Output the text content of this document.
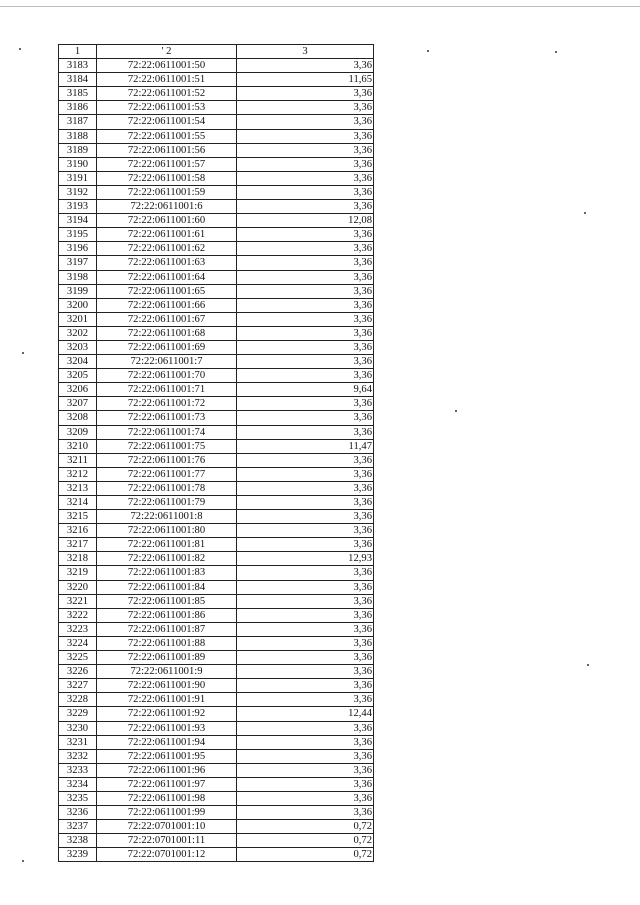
1	' 2	3
3183	72:22:0611001:50	3,36
3184	72:22:0611001:51	11,65
3185	72:22:0611001:52	3,36
3186	72:22:0611001:53	3,36
3187	72:22:0611001:54	3,36
3188	72:22:0611001:55	3,36
3189	72:22:0611001:56	3,36
3190	72:22:0611001:57	3,36
3191	72:22:0611001:58	3,36
3192	72:22:0611001:59	3,36
3193	72:22:0611001:6	3,36
3194	72:22:0611001:60	12,08
3195	72:22:0611001:61	3,36
3196	72:22:0611001:62	3,36
3197	72:22:0611001:63	3,36
3198	72:22:0611001:64	3,36
3199	72:22:0611001:65	3,36
3200	72:22:0611001:66	3,36
3201	72:22:0611001:67	3,36
3202	72:22:0611001:68	3,36
3203	72:22:0611001:69	3,36
3204	72:22:0611001:7	3,36
3205	72:22:0611001:70	3,36
3206	72:22:0611001:71	9,64
3207	72:22:0611001:72	3,36
3208	72:22:0611001:73	3,36
3209	72:22:0611001:74	3,36
3210	72:22:0611001:75	11,47
3211	72:22:0611001:76	3,36
3212	72:22:0611001:77	3,36
3213	72:22:0611001:78	3,36
3214	72:22:0611001:79	3,36
3215	72:22:0611001:8	3,36
3216	72:22:0611001:80	3,36
3217	72:22:0611001:81	3,36
3218	72:22:0611001:82	12,93
3219	72:22:0611001:83	3,36
3220	72:22:0611001:84	3,36
3221	72:22:0611001:85	3,36
3222	72:22:0611001:86	3,36
3223	72:22:0611001:87	3,36
3224	72:22:0611001:88	3,36
3225	72:22:0611001:89	3,36
3226	72:22:0611001:9	3,36
3227	72:22:0611001:90	3,36
3228	72:22:0611001:91	3,36
3229	72:22:0611001:92	12,44
3230	72:22:0611001:93	3,36
3231	72:22:0611001:94	3,36
3232	72:22:0611001:95	3,36
3233	72:22:0611001:96	3,36
3234	72:22:0611001:97	3,36
3235	72:22:0611001:98	3,36
3236	72:22:0611001:99	3,36
3237	72:22:0701001:10	0,72
3238	72:22:0701001:11	0,72
3239	72:22:0701001:12	0,72
